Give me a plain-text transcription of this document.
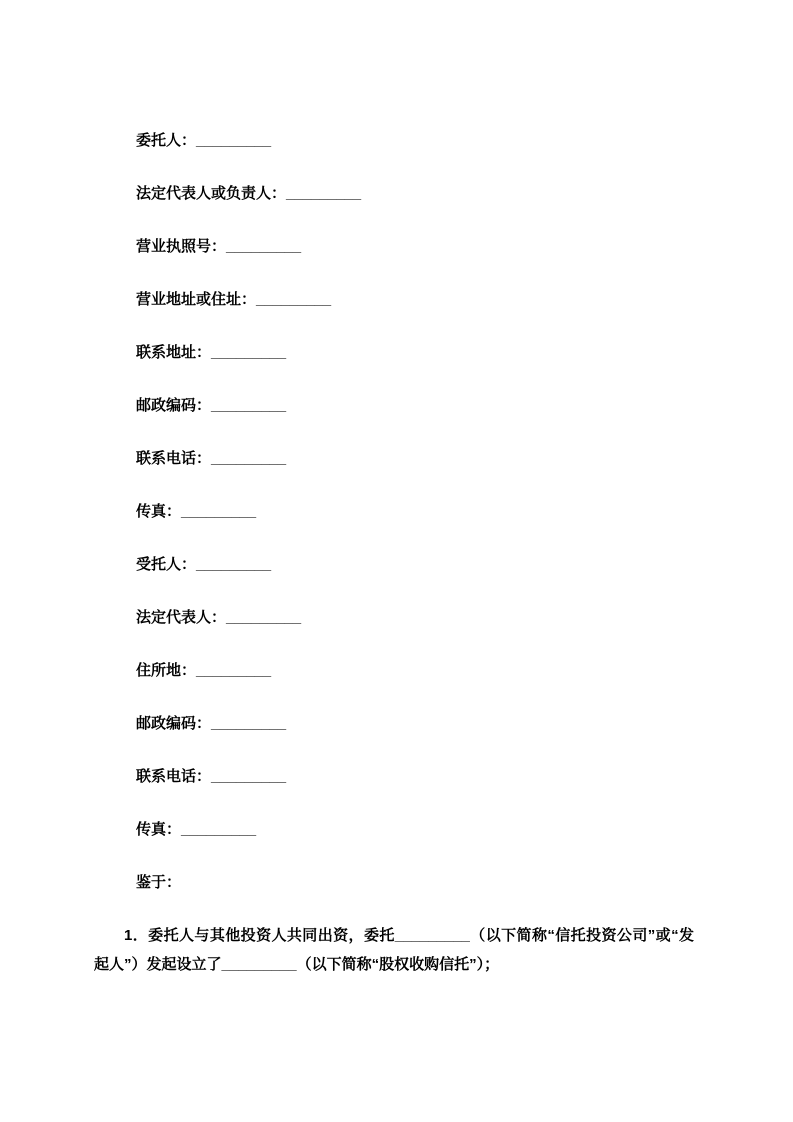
委托人：_________
法定代表人或负责人：_________
营业执照号：_________
营业地址或住址：_________
联系地址：_________
邮政编码：_________
联系电话：_________
传真：_________
受托人：_________
法定代表人：_________
住所地：_________
邮政编码：_________
联系电话：_________
传真：_________
鉴于：

1．委托人与其他投资人共同出资，委托_________（以下简称“信托投资公司”或“发起人”）发起设立了_________（以下简称“股权收购信托”）；
